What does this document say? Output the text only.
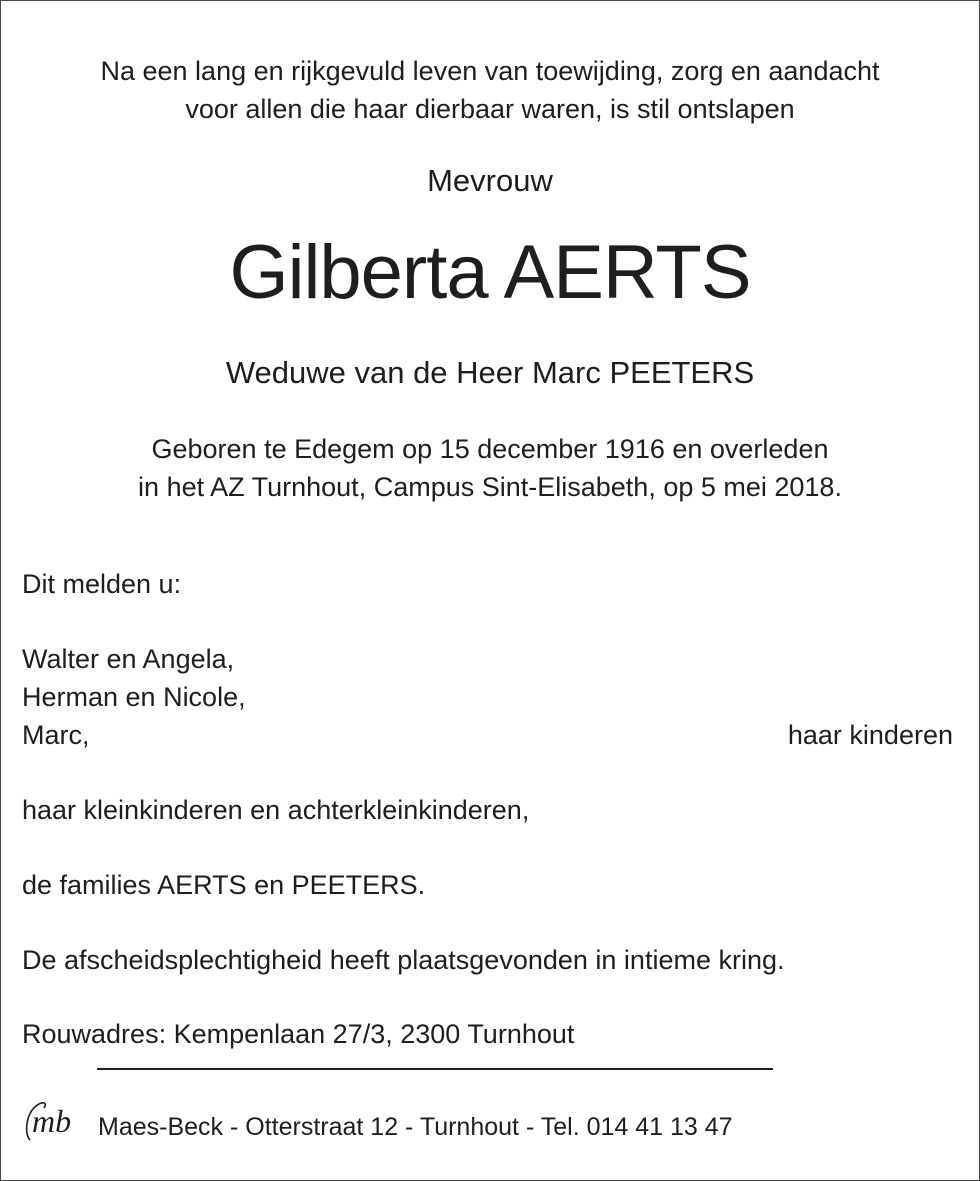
Na een lang en rijkgevuld leven van toewijding, zorg en aandacht
voor allen die haar dierbaar waren, is stil ontslapen
Mevrouw
Gilberta AERTS
Weduwe van de Heer Marc PEETERS
Geboren te Edegem op 15 december 1916 en overleden
in het AZ Turnhout, Campus Sint-Elisabeth, op 5 mei 2018.
Dit melden u:
Walter en Angela,
Herman en Nicole,
Marc,	haar kinderen
haar kleinkinderen en achterkleinkinderen,
de families AERTS en PEETERS.
De afscheidsplechtigheid heeft plaatsgevonden in intieme kring.
Rouwadres: Kempenlaan 27/3, 2300 Turnhout
mb Maes-Beck - Otterstraat 12 - Turnhout - Tel. 014 41 13 47
